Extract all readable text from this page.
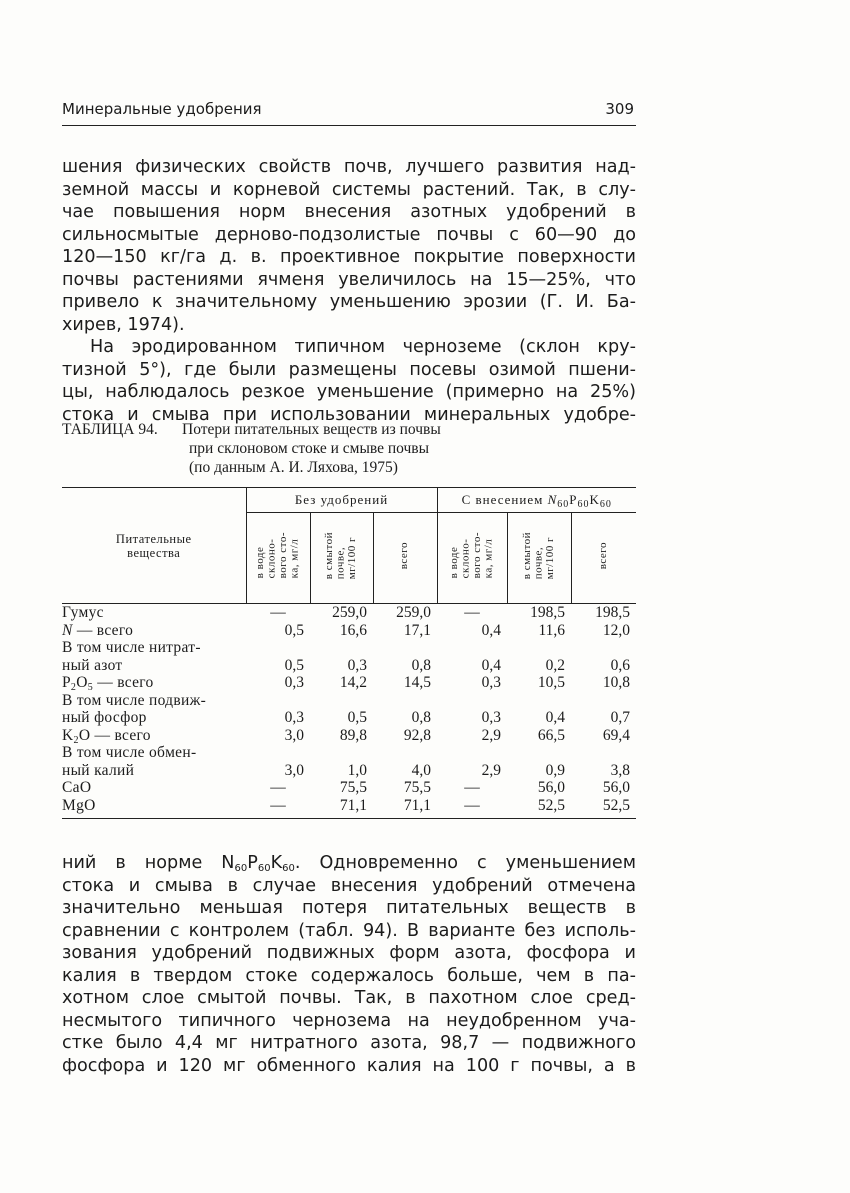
Минеральные удобрения	309

шения физических свойств почв, лучшего развития над-

земной массы и корневой системы растений. Так, в слу-

чае повышения норм внесения азотных удобрений в

сильносмытые дерново-подзолистые почвы с 60—90 до

120—150 кг/га д. в. проективное покрытие поверхности

почвы растениями ячменя увеличилось на 15—25%, что

привело к значительному уменьшению эрозии (Г. И. Ба-

хирев, 1974).

На эродированном типичном черноземе (склон кру-

тизной 5°), где были размещены посевы озимой пшени-

цы, наблюдалось резкое уменьшение (примерно на 25%)

стока и смыва при использовании минеральных удобре-

ТАБЛИЦА 94. Потери питательных веществ из почвы
при склоновом стоке и смыве почвы
(по данным А. И. Ляхова, 1975)
Питательные
вещества	Без удобрений			С внесением $N_{60}P_{60}K_{60}$
	в воде
склоно-
вого сто-
ка, мг/л	в смытой
почве,
мг/100 г	всего	в воде
склоно-
вого сто-
ка, мг/л	в смытой
почве,
мг/100 г	всего
Гумус	—	259,0	259,0	—	198,5	198,5
N — всего	0,5	16,6	17,1	0,4	11,6	12,0
В том числе нитрат-						
ный азот	0,5	0,3	0,8	0,4	0,2	0,6
$P_2O_5$ — всего	0,3	14,2	14,5	0,3	10,5	10,8
В том числе подвиж-						
ный фосфор	0,3	0,5	0,8	0,3	0,4	0,7
$K_2O$ — всего	3,0	89,8	92,8	2,9	66,5	69,4
В том числе обмен-						
ный калий	3,0	1,0	4,0	2,9	0,9	3,8
CaO	—	75,5	75,5	—	56,0	56,0
MgO	—	71,1	71,1	—	52,5	52,5

ний в норме $N_{60}P_{60}K_{60}$. Одновременно с уменьшением

стока и смыва в случае внесения удобрений отмечена

значительно меньшая потеря питательных веществ в

сравнении с контролем (табл. 94). В варианте без исполь-

зования удобрений подвижных форм азота, фосфора и

калия в твердом стоке содержалось больше, чем в па-

хотном слое смытой почвы. Так, в пахотном слое сред-

несмытого типичного чернозема на неудобренном уча-

стке было 4,4 мг нитратного азота, 98,7 — подвижного

фосфора и 120 мг обменного калия на 100 г почвы, а в
